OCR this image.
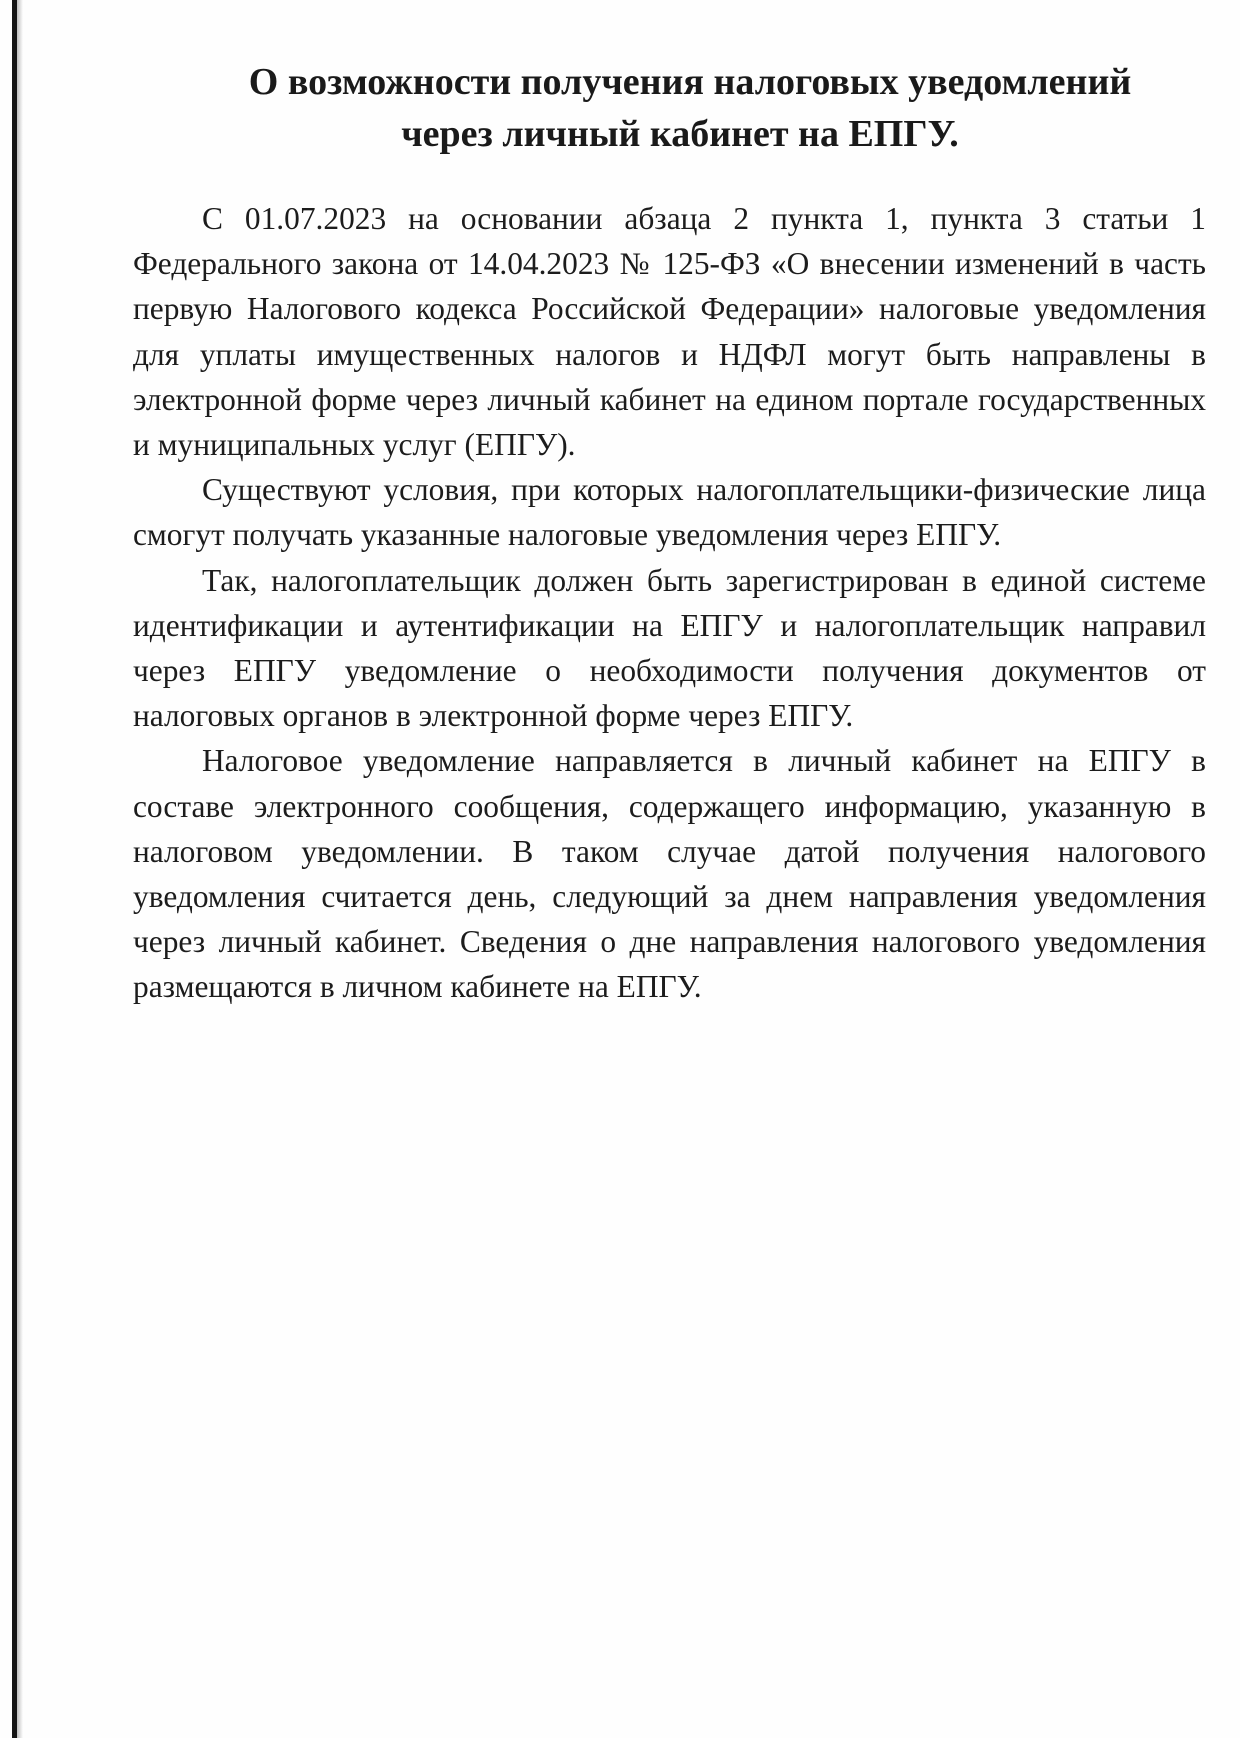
О возможности получения налоговых уведомлений
через личный кабинет на ЕПГУ.

С 01.07.2023 на основании абзаца 2 пункта 1, пункта 3 статьи 1 Федерального закона от 14.04.2023 № 125-ФЗ «О внесении изменений в часть первую Налогового кодекса Российской Федерации» налоговые уведомления для уплаты имущественных налогов и НДФЛ могут быть направлены в электронной форме через личный кабинет на едином портале государственных и муниципальных услуг (ЕПГУ).

Существуют условия, при которых налогоплательщики-физические лица смогут получать указанные налоговые уведомления через ЕПГУ.

Так, налогоплательщик должен быть зарегистрирован в единой системе идентификации и аутентификации на ЕПГУ и налогоплательщик направил через ЕПГУ уведомление о необходимости получения документов от налоговых органов в электронной форме через ЕПГУ.

Налоговое уведомление направляется в личный кабинет на ЕПГУ в составе электронного сообщения, содержащего информацию, указанную в налоговом уведомлении. В таком случае датой получения налогового уведомления считается день, следующий за днем направления уведомления через личный кабинет. Сведения о дне направления налогового уведомления размещаются в личном кабинете на ЕПГУ.
